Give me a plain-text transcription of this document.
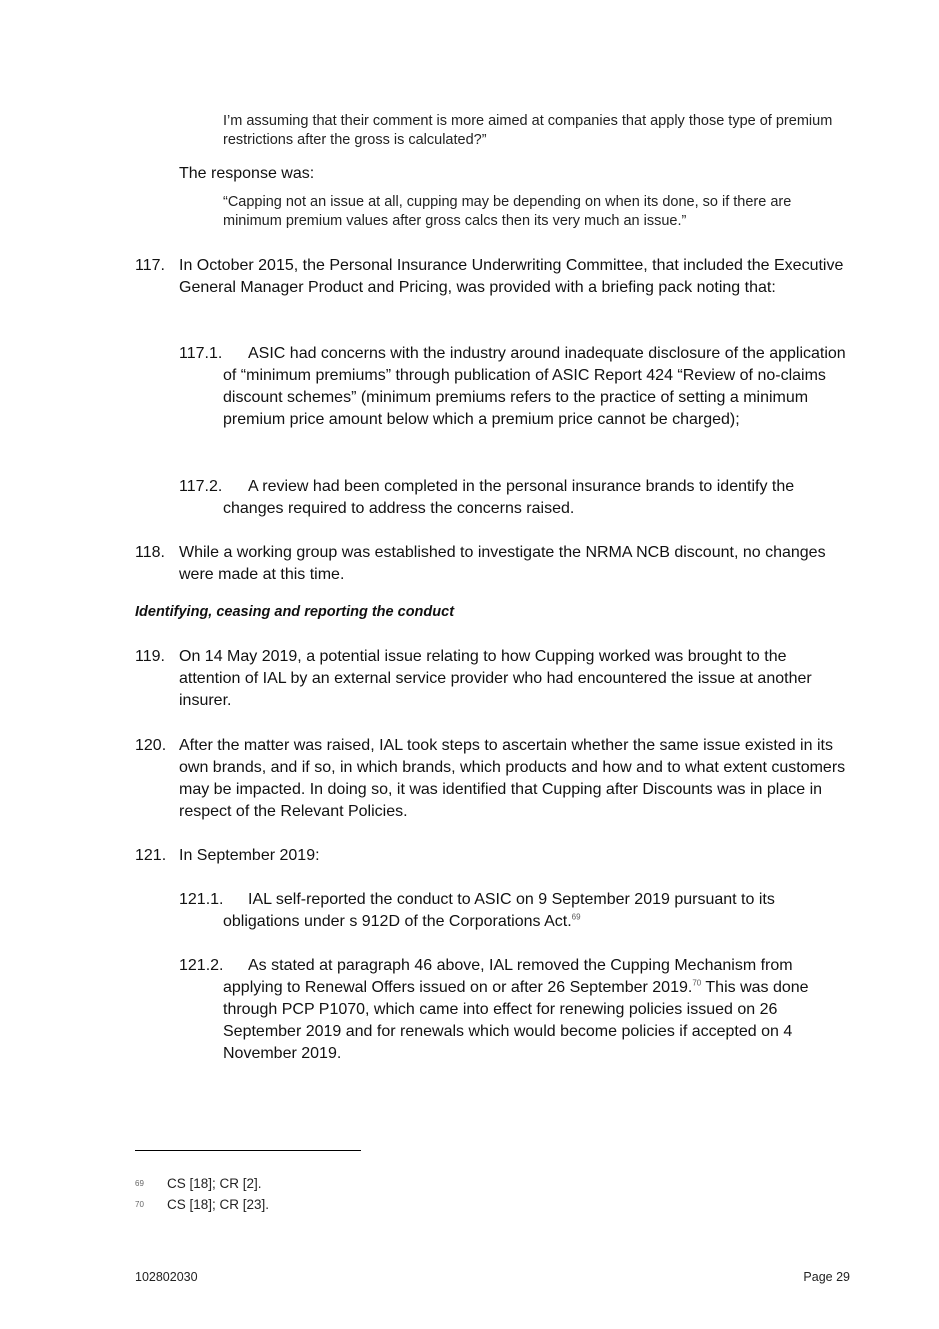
I’m assuming that their comment is more aimed at companies that apply those type of premium restrictions after the gross is calculated?”
The response was:
“Capping not an issue at all, cupping may be depending on when its done, so if there are minimum premium values after gross calcs then its very much an issue.”
117. In October 2015, the Personal Insurance Underwriting Committee, that included the Executive General Manager Product and Pricing, was provided with a briefing pack noting that:
117.1. ASIC had concerns with the industry around inadequate disclosure of the application of “minimum premiums” through publication of ASIC Report 424 “Review of no-claims discount schemes” (minimum premiums refers to the practice of setting a minimum premium price amount below which a premium price cannot be charged);
117.2. A review had been completed in the personal insurance brands to identify the changes required to address the concerns raised.
118. While a working group was established to investigate the NRMA NCB discount, no changes were made at this time.
Identifying, ceasing and reporting the conduct
119. On 14 May 2019, a potential issue relating to how Cupping worked was brought to the attention of IAL by an external service provider who had encountered the issue at another insurer.
120. After the matter was raised, IAL took steps to ascertain whether the same issue existed in its own brands, and if so, in which brands, which products and how and to what extent customers may be impacted. In doing so, it was identified that Cupping after Discounts was in place in respect of the Relevant Policies.
121. In September 2019:
121.1. IAL self-reported the conduct to ASIC on 9 September 2019 pursuant to its obligations under s 912D of the Corporations Act.$^{69}$
121.2. As stated at paragraph 46 above, IAL removed the Cupping Mechanism from applying to Renewal Offers issued on or after 26 September 2019.70 This was done through PCP P1070, which came into effect for renewing policies issued on 26 September 2019 and for renewals which would become policies if accepted on 4 November 2019.
69 CS [18]; CR [2].
70 CS [18]; CR [23].
102802030	Page 29
